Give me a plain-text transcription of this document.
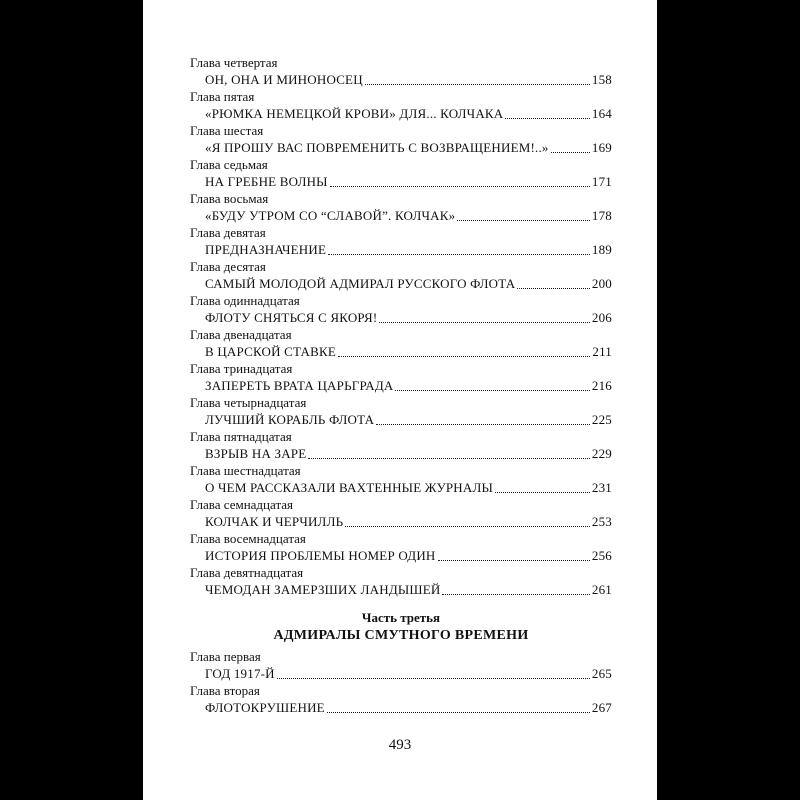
Глава четвертая
ОН, ОНА И МИНОНОСЕЦ	158
Глава пятая
«РЮМКА НЕМЕЦКОЙ КРОВИ» ДЛЯ... КОЛЧАКА	164
Глава шестая
«Я ПРОШУ ВАС ПОВРЕМЕНИТЬ С ВОЗВРАЩЕНИЕМ!..»	169
Глава седьмая
НА ГРЕБНЕ ВОЛНЫ	171
Глава восьмая
«БУДУ УТРОМ СО “СЛАВОЙ”. КОЛЧАК»	178
Глава девятая
ПРЕДНАЗНАЧЕНИЕ	189
Глава десятая
САМЫЙ МОЛОДОЙ АДМИРАЛ РУССКОГО ФЛОТА	200
Глава одиннадцатая
ФЛОТУ СНЯТЬСЯ С ЯКОРЯ!	206
Глава двенадцатая
В ЦАРСКОЙ СТАВКЕ	211
Глава тринадцатая
ЗАПЕРЕТЬ ВРАТА ЦАРЬГРАДА	216
Глава четырнадцатая
ЛУЧШИЙ КОРАБЛЬ ФЛОТА	225
Глава пятнадцатая
ВЗРЫВ НА ЗАРЕ	229
Глава шестнадцатая
О ЧЕМ РАССКАЗАЛИ ВАХТЕННЫЕ ЖУРНАЛЫ	231
Глава семнадцатая
КОЛЧАК И ЧЕРЧИЛЛЬ	253
Глава восемнадцатая
ИСТОРИЯ ПРОБЛЕМЫ НОМЕР ОДИН	256
Глава девятнадцатая
ЧЕМОДАН ЗАМЕРЗШИХ ЛАНДЫШЕЙ	261
Часть третья
АДМИРАЛЫ СМУТНОГО ВРЕМЕНИ
Глава первая
ГОД 1917-Й	265
Глава вторая
ФЛОТОКРУШЕНИЕ	267
493
